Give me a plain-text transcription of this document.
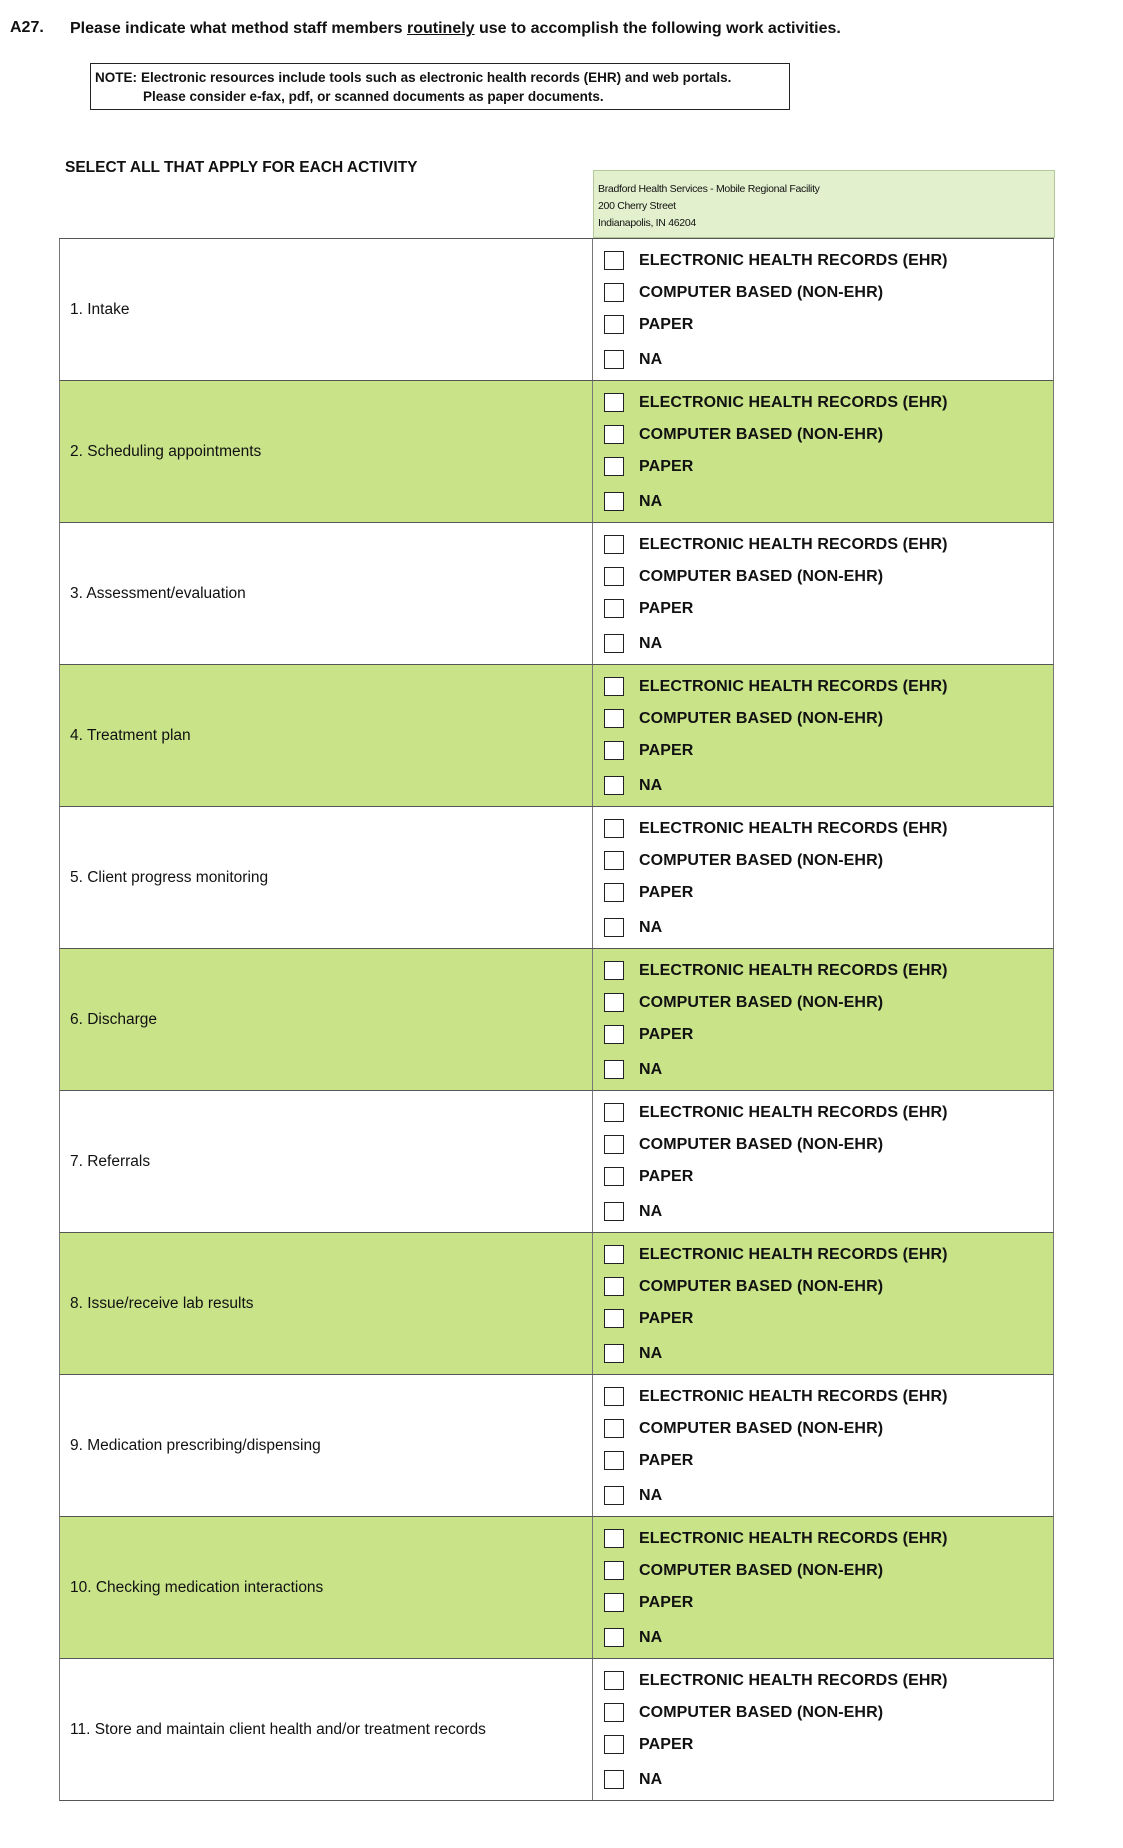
A27. Please indicate what method staff members routinely use to accomplish the following work activities.
NOTE: Electronic resources include tools such as electronic health records (EHR) and web portals.
Please consider e-fax, pdf, or scanned documents as paper documents.
SELECT ALL THAT APPLY FOR EACH ACTIVITY
Bradford Health Services - Mobile Regional Facility
200 Cherry Street
Indianapolis, IN 46204
1. Intake
ELECTRONIC HEALTH RECORDS (EHR)
COMPUTER BASED (NON-EHR)
PAPER
NA
2. Scheduling appointments
ELECTRONIC HEALTH RECORDS (EHR)
COMPUTER BASED (NON-EHR)
PAPER
NA
3. Assessment/evaluation
ELECTRONIC HEALTH RECORDS (EHR)
COMPUTER BASED (NON-EHR)
PAPER
NA
4. Treatment plan
ELECTRONIC HEALTH RECORDS (EHR)
COMPUTER BASED (NON-EHR)
PAPER
NA
5. Client progress monitoring
ELECTRONIC HEALTH RECORDS (EHR)
COMPUTER BASED (NON-EHR)
PAPER
NA
6. Discharge
ELECTRONIC HEALTH RECORDS (EHR)
COMPUTER BASED (NON-EHR)
PAPER
NA
7. Referrals
ELECTRONIC HEALTH RECORDS (EHR)
COMPUTER BASED (NON-EHR)
PAPER
NA
8. Issue/receive lab results
ELECTRONIC HEALTH RECORDS (EHR)
COMPUTER BASED (NON-EHR)
PAPER
NA
9. Medication prescribing/dispensing
ELECTRONIC HEALTH RECORDS (EHR)
COMPUTER BASED (NON-EHR)
PAPER
NA
10. Checking medication interactions
ELECTRONIC HEALTH RECORDS (EHR)
COMPUTER BASED (NON-EHR)
PAPER
NA
11. Store and maintain client health and/or treatment records
ELECTRONIC HEALTH RECORDS (EHR)
COMPUTER BASED (NON-EHR)
PAPER
NA
